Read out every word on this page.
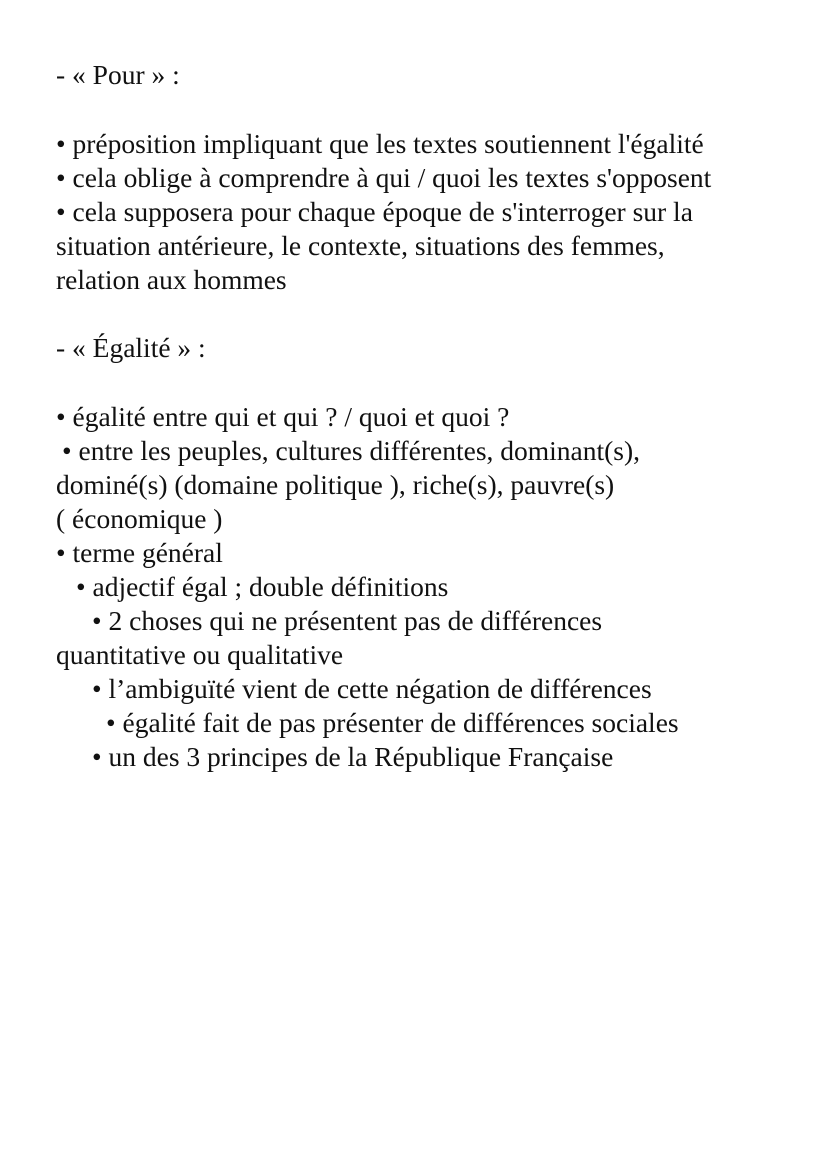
- « Pour » :
• préposition impliquant que les textes soutiennent l'égalité
• cela oblige à comprendre à qui / quoi les textes s'opposent
• cela supposera pour chaque époque de s'interroger sur la
situation antérieure, le contexte, situations des femmes,
relation aux hommes
- « Égalité » :
• égalité entre qui et qui ? / quoi et quoi ?
• entre les peuples, cultures différentes, dominant(s),
dominé(s) (domaine politique ), riche(s), pauvre(s)
( économique )
• terme général
• adjectif égal ; double définitions
• 2 choses qui ne présentent pas de différences
quantitative ou qualitative
• l’ambiguïté vient de cette négation de différences
• égalité fait de pas présenter de différences sociales
• un des 3 principes de la République Française
